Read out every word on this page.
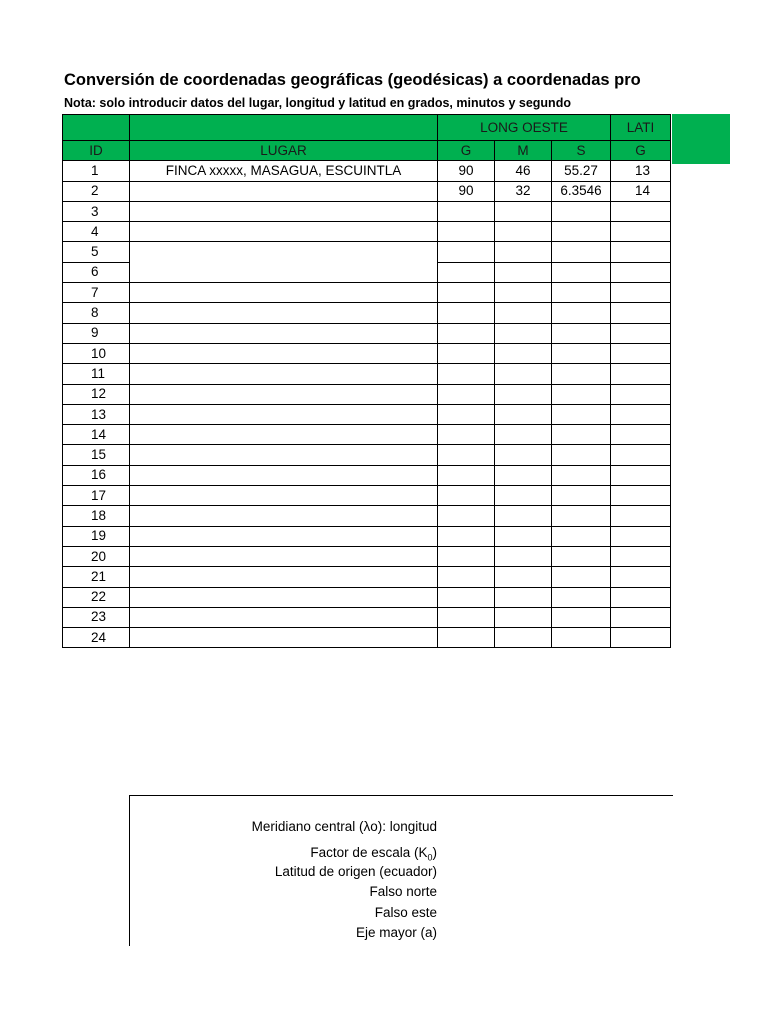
Conversión de coordenadas geográficas (geodésicas) a coordenadas pro
Nota: solo introducir datos del lugar, longitud y latitud en grados, minutos y segundo
		LONG OESTE			LATI
ID	LUGAR	G	M	S	G
1	FINCA xxxxx, MASAGUA, ESCUINTLA	90	46	55.27	13
2		90	32	6.3546	14
3					
4					
5					
6					
7					
8					
9					
10					
11					
12					
13					
14					
15					
16					
17					
18					
19					
20					
21					
22					
23					
24					
Meridiano central (λo): longitud
Factor de escala $(K_0)$
Latitud de origen (ecuador)
Falso norte
Falso este
Eje mayor (a)
